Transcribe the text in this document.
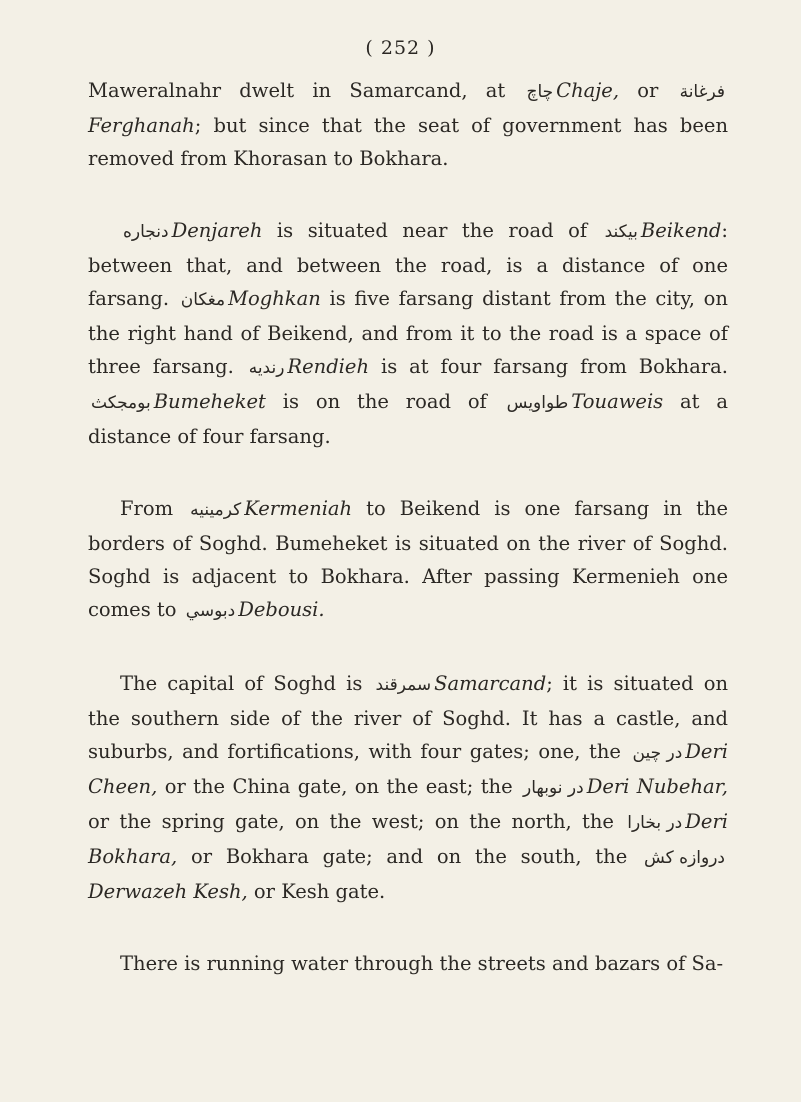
( 252 )

Maweralnahr dwelt in Samarcand, at چاچ Chaje, or فرغانةFerghanah; but since that the seat of government has been removed from Khorasan to Bokhara.

دنجاره Denjareh is situated near the road of بيكند Beikend: between that, and between the road, is a distance of one farsang. مغكان Moghkan is five farsang distant from the city, on the right hand of Beikend, and from it to the road is a space of three farsang. رنديه Rendieh is at four farsang from Bokhara. بومجكث Bumeheket is on the road of طواويس Touaweis at a distance of four farsang.

From كرمينيه Kermeniah to Beikend is one farsang in the borders of Soghd. Bumeheket is situated on the river of Soghd. Soghd is adjacent to Bokhara. After passing Kermenieh one comes to دبوسي Debousi.

The capital of Soghd is سمرقند Samarcand; it is situated on the southern side of the river of Soghd. It has a castle, and suburbs, and fortifications, with four gates; one, the در چين Deri Cheen, or the China gate, on the east; the در نوبهار Deri Nubehar, or the spring gate, on the west; on the north, the در بخارا Deri Bokhara, or Bokhara gate; and on the south, the دروازه كشDerwazeh Kesh, or Kesh gate.

There is running water through the streets and bazars of Sa-
